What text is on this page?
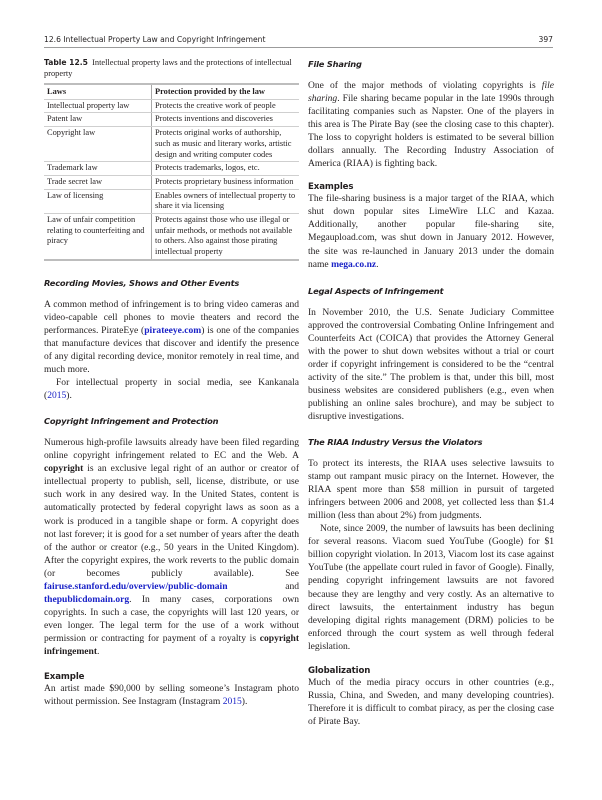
12.6 Intellectual Property Law and Copyright Infringement	397

Table 12.5 Intellectual property laws and the protections of intellectual property

Laws	Protection provided by the law
Intellectual property law	Protects the creative work of people
Patent law	Protects inventions and discoveries
Copyright law	Protects original works of authorship, such as music and literary works, artistic design and writing computer codes
Trademark law	Protects trademarks, logos, etc.
Trade secret law	Protects proprietary business information
Law of licensing	Enables owners of intellectual property to share it via licensing
Law of unfair competition relating to counterfeiting and piracy	Protects against those who use illegal or unfair methods, or methods not available to others. Also against those pirating intellectual property
Recording Movies, Shows and Other Events

A common method of infringement is to bring video cameras and video-capable cell phones to movie theaters and record the performances. PirateEye (pirateeye.com) is one of the companies that manufacture devices that discover and identify the presence of any digital recording device, monitor remotely in real time, and much more.

For intellectual property in social media, see Kankanala (2015).

Copyright Infringement and Protection

Numerous high-profile lawsuits already have been filed regarding online copyright infringement related to EC and the Web. A copyright is an exclusive legal right of an author or creator of intellectual property to publish, sell, license, distribute, or use such work in any desired way. In the United States, content is automatically protected by federal copyright laws as soon as a work is produced in a tangible shape or form. A copyright does not last forever; it is good for a set number of years after the death of the author or creator (e.g., 50 years in the United Kingdom). After the copyright expires, the work reverts to the public domain (or becomes publicly available). See fairuse.stanford.edu/overview/public-domain and thepublicdomain.org. In many cases, corporations own copyrights. In such a case, the copyrights will last 120 years, or even longer. The legal term for the use of a work without permission or contracting for payment of a royalty is copyright infringement.

Example

An artist made $90,000 by selling someone’s Instagram photo without permission. See Instagram (Instagram 2015).

File Sharing

One of the major methods of violating copyrights is file sharing. File sharing became popular in the late 1990s through facilitating companies such as Napster. One of the players in this area is The Pirate Bay (see the closing case to this chapter). The loss to copyright holders is estimated to be several billion dollars annually. The Recording Industry Association of America (RIAA) is fighting back.

Examples

The file-sharing business is a major target of the RIAA, which shut down popular sites LimeWire LLC and Kazaa. Additionally, another popular file-sharing site, Megaupload.com, was shut down in January 2012. However, the site was re-launched in January 2013 under the domain name mega.co.nz.

Legal Aspects of Infringement

In November 2010, the U.S. Senate Judiciary Committee approved the controversial Combating Online Infringement and Counterfeits Act (COICA) that provides the Attorney General with the power to shut down websites without a trial or court order if copyright infringement is considered to be the “central activity of the site.” The problem is that, under this bill, most business websites are considered publishers (e.g., even when publishing an online sales brochure), and may be subject to disruptive investigations.

The RIAA Industry Versus the Violators

To protect its interests, the RIAA uses selective lawsuits to stamp out rampant music piracy on the Internet. However, the RIAA spent more than $58 million in pursuit of targeted infringers between 2006 and 2008, yet collected less than $1.4 million (less than about 2%) from judgments.

Note, since 2009, the number of lawsuits has been declining for several reasons. Viacom sued YouTube (Google) for $1 billion copyright violation. In 2013, Viacom lost its case against YouTube (the appellate court ruled in favor of Google). Finally, pending copyright infringement lawsuits are not favored because they are lengthy and very costly. As an alternative to direct lawsuits, the entertainment industry has begun developing digital rights management (DRM) policies to be enforced through the court system as well through federal legislation.

Globalization

Much of the media piracy occurs in other countries (e.g., Russia, China, and Sweden, and many developing countries). Therefore it is difficult to combat piracy, as per the closing case of Pirate Bay.
